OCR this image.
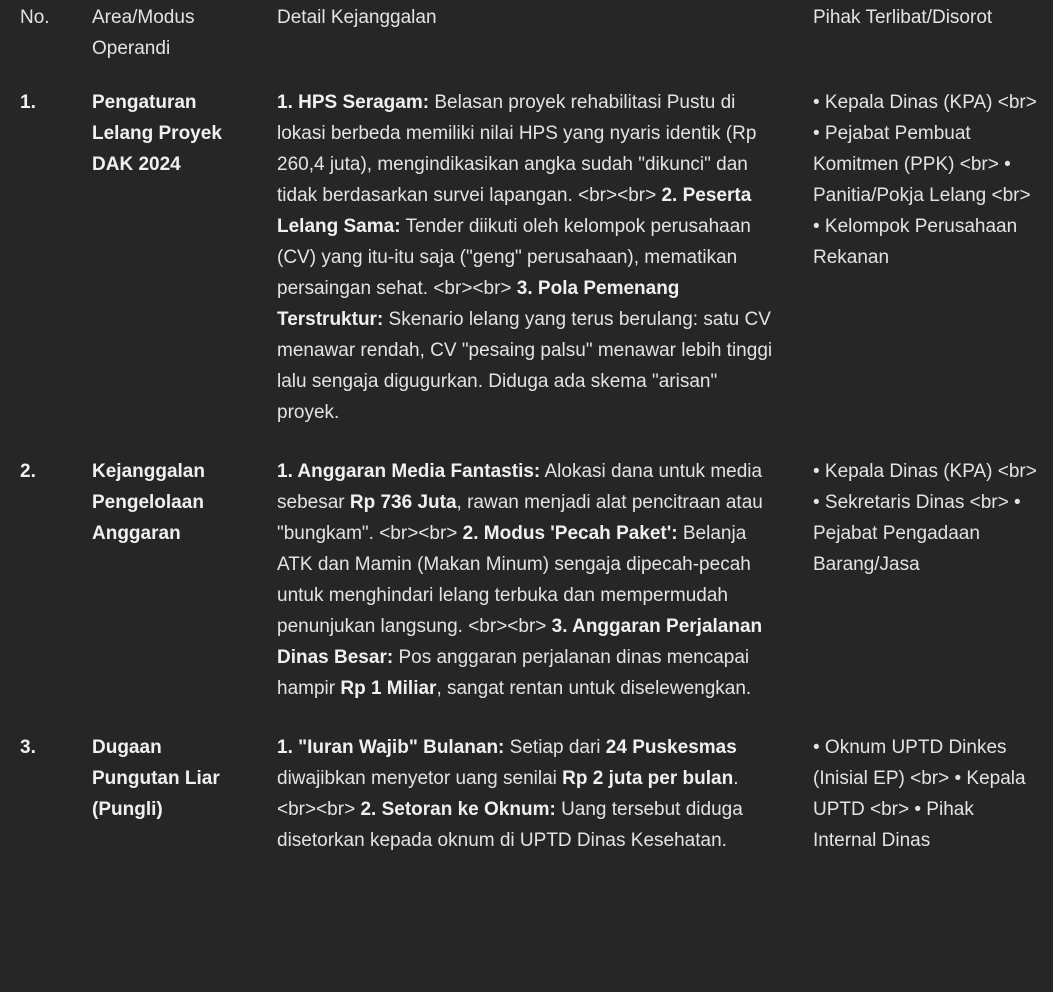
No.	Area/Modus Operandi

Detail Kejanggalan	Pihak Terlibat/Disorot

1.	Pengaturan Lelang Proyek DAK 2024

1. HPS Seragam: Belasan proyek rehabilitasi Pustu di lokasi berbeda memiliki nilai HPS yang nyaris identik (Rp 260,4 juta), mengindikasikan angka sudah "dikunci" dan tidak berdasarkan survei lapangan. <br><br> 2. Peserta Lelang Sama: Tender diikuti oleh kelompok perusahaan (CV) yang itu-itu saja ("geng" perusahaan), mematikan persaingan sehat. <br><br> 3. Pola Pemenang Terstruktur: Skenario lelang yang terus berulang: satu CV menawar rendah, CV "pesaing palsu" menawar lebih tinggi lalu sengaja digugurkan. Diduga ada skema "arisan" proyek.

• Kepala Dinas (KPA) <br> • Pejabat Pembuat Komitmen (PPK) <br> • Panitia/Pokja Lelang <br> • Kelompok Perusahaan Rekanan

2.	Kejanggalan Pengelolaan Anggaran

1. Anggaran Media Fantastis: Alokasi dana untuk media sebesar Rp 736 Juta, rawan menjadi alat pencitraan atau "bungkam". <br><br> 2. Modus 'Pecah Paket': Belanja ATK dan Mamin (Makan Minum) sengaja dipecah-pecah untuk menghindari lelang terbuka dan mempermudah penunjukan langsung. <br><br> 3. Anggaran Perjalanan Dinas Besar: Pos anggaran perjalanan dinas mencapai hampir Rp 1 Miliar, sangat rentan untuk diselewengkan.

• Kepala Dinas (KPA) <br> • Sekretaris Dinas <br> • Pejabat Pengadaan Barang/Jasa

3.	Dugaan Pungutan Liar (Pungli)

1. "Iuran Wajib" Bulanan: Setiap dari 24 Puskesmas diwajibkan menyetor uang senilai Rp 2 juta per bulan. <br><br> 2. Setoran ke Oknum: Uang tersebut diduga disetorkan kepada oknum di UPTD Dinas Kesehatan.

• Oknum UPTD Dinkes (Inisial EP) <br> • Kepala UPTD <br> • Pihak Internal Dinas
